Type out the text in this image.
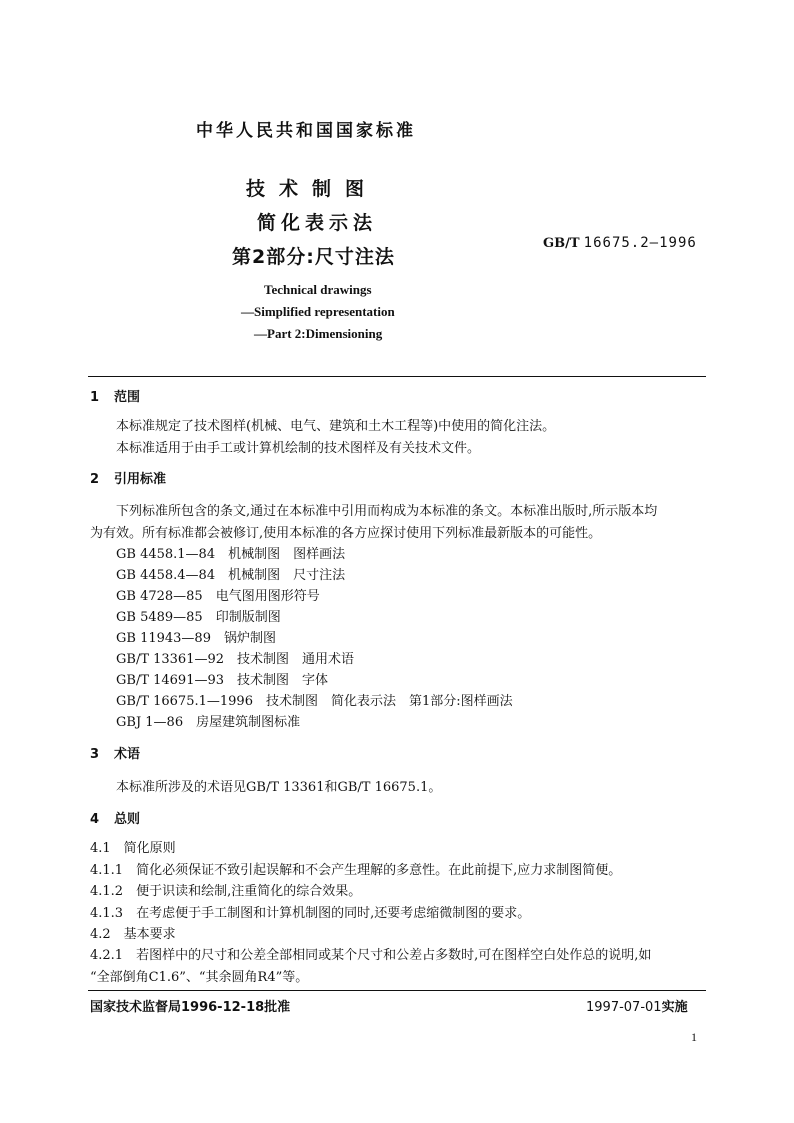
中华人民共和国国家标准
技术制图
简化表示法
第2部分:尺寸注法
GB/T 16675.2—1996
Technical drawings
—Simplified representation
—Part 2:Dimensioning
1 范围
本标准规定了技术图样(机械、电气、建筑和土木工程等)中使用的简化注法。
本标准适用于由手工或计算机绘制的技术图样及有关技术文件。
2 引用标准
下列标准所包含的条文,通过在本标准中引用而构成为本标准的条文。本标准出版时,所示版本均
为有效。所有标准都会被修订,使用本标准的各方应探讨使用下列标准最新版本的可能性。
GB 4458.1—84　机械制图　图样画法
GB 4458.4—84　机械制图　尺寸注法
GB 4728—85　电气图用图形符号
GB 5489—85　印制版制图
GB 11943—89　锅炉制图
GB/T 13361—92　技术制图　通用术语
GB/T 14691—93　技术制图　字体
GB/T 16675.1—1996　技术制图　简化表示法　第1部分:图样画法
GBJ 1—86　房屋建筑制图标准
3 术语
本标准所涉及的术语见GB/T 13361和GB/T 16675.1。
4 总则
4.1　简化原则
4.1.1　简化必须保证不致引起误解和不会产生理解的多意性。在此前提下,应力求制图简便。
4.1.2　便于识读和绘制,注重简化的综合效果。
4.1.3　在考虑便于手工制图和计算机制图的同时,还要考虑缩微制图的要求。
4.2　基本要求
4.2.1　若图样中的尺寸和公差全部相同或某个尺寸和公差占多数时,可在图样空白处作总的说明,如
“全部倒角C1.6”、“其余圆角R4”等。
国家技术监督局1996-12-18批准	1997-07-01实施
1
